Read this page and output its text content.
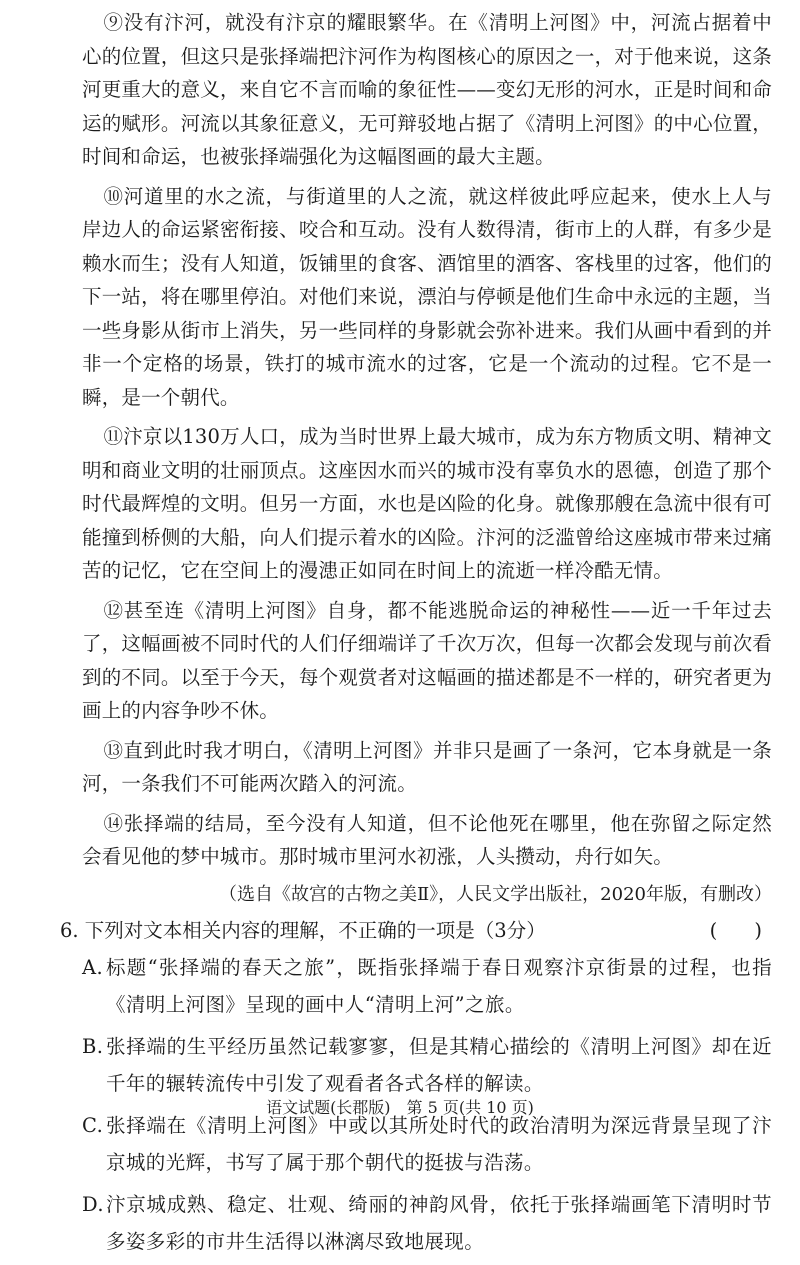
⑨没有汴河，就没有汴京的耀眼繁华。在《清明上河图》中，河流占据着中心的位置，但这只是张择端把汴河作为构图核心的原因之一，对于他来说，这条河更重大的意义，来自它不言而喻的象征性——变幻无形的河水，正是时间和命运的赋形。河流以其象征意义，无可辩驳地占据了《清明上河图》的中心位置，时间和命运，也被张择端强化为这幅图画的最大主题。

⑩河道里的水之流，与街道里的人之流，就这样彼此呼应起来，使水上人与岸边人的命运紧密衔接、咬合和互动。没有人数得清，街市上的人群，有多少是赖水而生；没有人知道，饭铺里的食客、酒馆里的酒客、客栈里的过客，他们的下一站，将在哪里停泊。对他们来说，漂泊与停顿是他们生命中永远的主题，当一些身影从街市上消失，另一些同样的身影就会弥补进来。我们从画中看到的并非一个定格的场景，铁打的城市流水的过客，它是一个流动的过程。它不是一瞬，是一个朝代。

⑪汴京以130万人口，成为当时世界上最大城市，成为东方物质文明、精神文明和商业文明的壮丽顶点。这座因水而兴的城市没有辜负水的恩德，创造了那个时代最辉煌的文明。但另一方面，水也是凶险的化身。就像那艘在急流中很有可能撞到桥侧的大船，向人们提示着水的凶险。汴河的泛滥曾给这座城市带来过痛苦的记忆，它在空间上的漫漶正如同在时间上的流逝一样冷酷无情。

⑫甚至连《清明上河图》自身，都不能逃脱命运的神秘性——近一千年过去了，这幅画被不同时代的人们仔细端详了千次万次，但每一次都会发现与前次看到的不同。以至于今天，每个观赏者对这幅画的描述都是不一样的，研究者更为画上的内容争吵不休。

⑬直到此时我才明白，《清明上河图》并非只是画了一条河，它本身就是一条河，一条我们不可能两次踏入的河流。

⑭张择端的结局，至今没有人知道，但不论他死在哪里，他在弥留之际定然会看见他的梦中城市。那时城市里河水初涨，人头攒动，舟行如矢。

（选自《故宫的古物之美Ⅱ》，人民文学出版社，2020年版，有删改）
6. 下列对文本相关内容的理解，不正确的一项是（3分）	(      )
A. 标题“张择端的春天之旅”，既指张择端于春日观察汴京街景的过程，也指《清明上河图》呈现的画中人“清明上河”之旅。
B. 张择端的生平经历虽然记载寥寥，但是其精心描绘的《清明上河图》却在近千年的辗转流传中引发了观看者各式各样的解读。
C. 张择端在《清明上河图》中或以其所处时代的政治清明为深远背景呈现了汴京城的光辉，书写了属于那个朝代的挺拔与浩荡。
D. 汴京城成熟、稳定、壮观、绮丽的神韵风骨，依托于张择端画笔下清明时节多姿多彩的市井生活得以淋漓尽致地展现。
语文试题(长郡版)　第 5 页(共 10 页)
